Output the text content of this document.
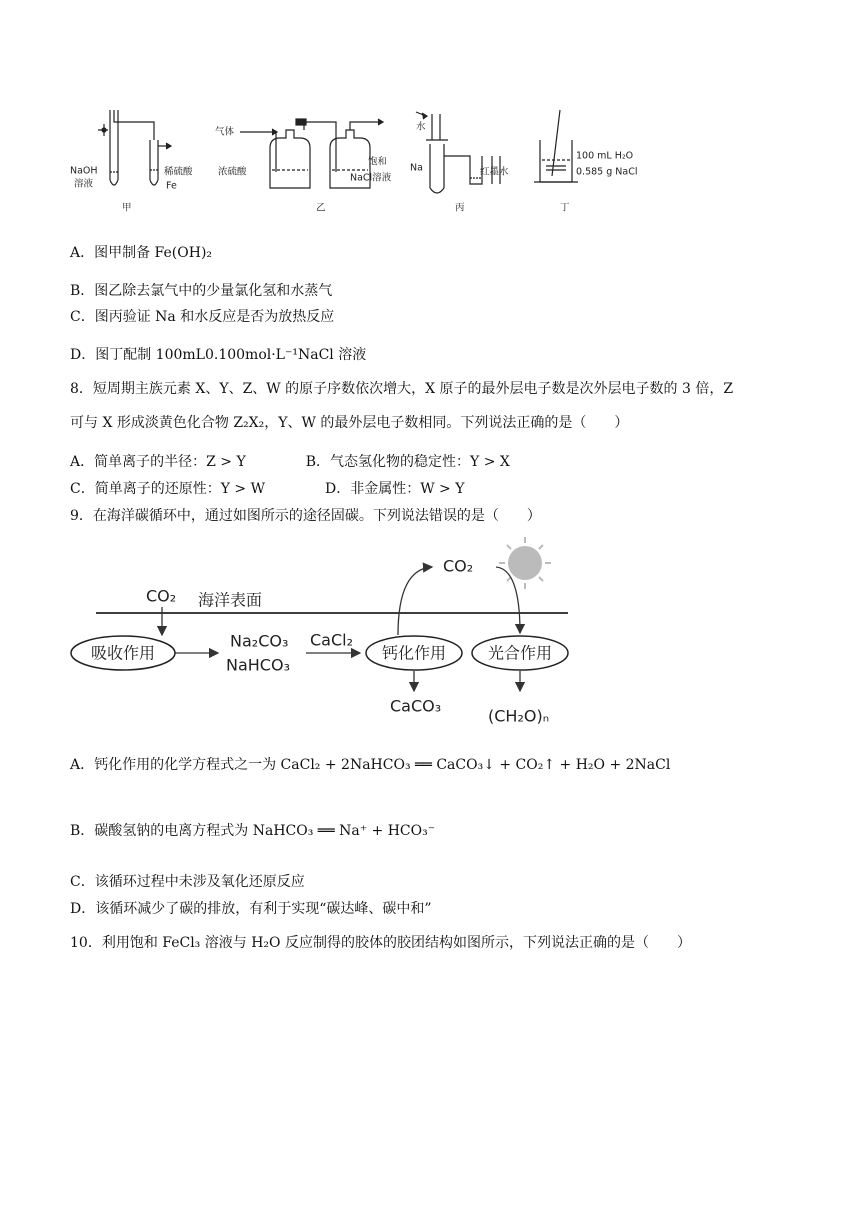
NaOH
溶液
稀硫酸
Fe
甲
气体
浓硫酸
饱和
NaCl溶液
乙
水
Na	红墨水
丙
100 mL H₂O
0.585 g NaCl
丁
A．图甲制备 Fe(OH)₂
B．图乙除去氯气中的少量氯化氢和水蒸气
C．图丙验证 Na 和水反应是否为放热反应
D．图丁配制 100mL0.100mol·L⁻¹NaCl 溶液
8．短周期主族元素 X、Y、Z、W 的原子序数依次增大，X 原子的最外层电子数是次外层电子数的 3 倍，Z
可与 X 形成淡黄色化合物 Z₂X₂，Y、W 的最外层电子数相同。下列说法正确的是（　　）
A．简单离子的半径：Z > Y	B．气态氢化物的稳定性：Y > X
C．简单离子的还原性：Y > W	D．非金属性：W > Y
9．在海洋碳循环中，通过如图所示的途径固碳。下列说法错误的是（　　）
CO₂ 海洋表面
吸收作用
Na₂CO₃
NaHCO₃
CaCl₂
钙化作用	光合作用
CO₂
CaCO₃
(CH₂O)ₙ
A．钙化作用的化学方程式之一为 CaCl₂ + 2NaHCO₃ ══ CaCO₃↓ + CO₂↑ + H₂O + 2NaCl
B．碳酸氢钠的电离方程式为 NaHCO₃ ══ Na⁺ + HCO₃⁻
C．该循环过程中未涉及氧化还原反应
D．该循环减少了碳的排放，有利于实现“碳达峰、碳中和”
10．利用饱和 FeCl₃ 溶液与 H₂O 反应制得的胶体的胶团结构如图所示，下列说法正确的是（　　）
